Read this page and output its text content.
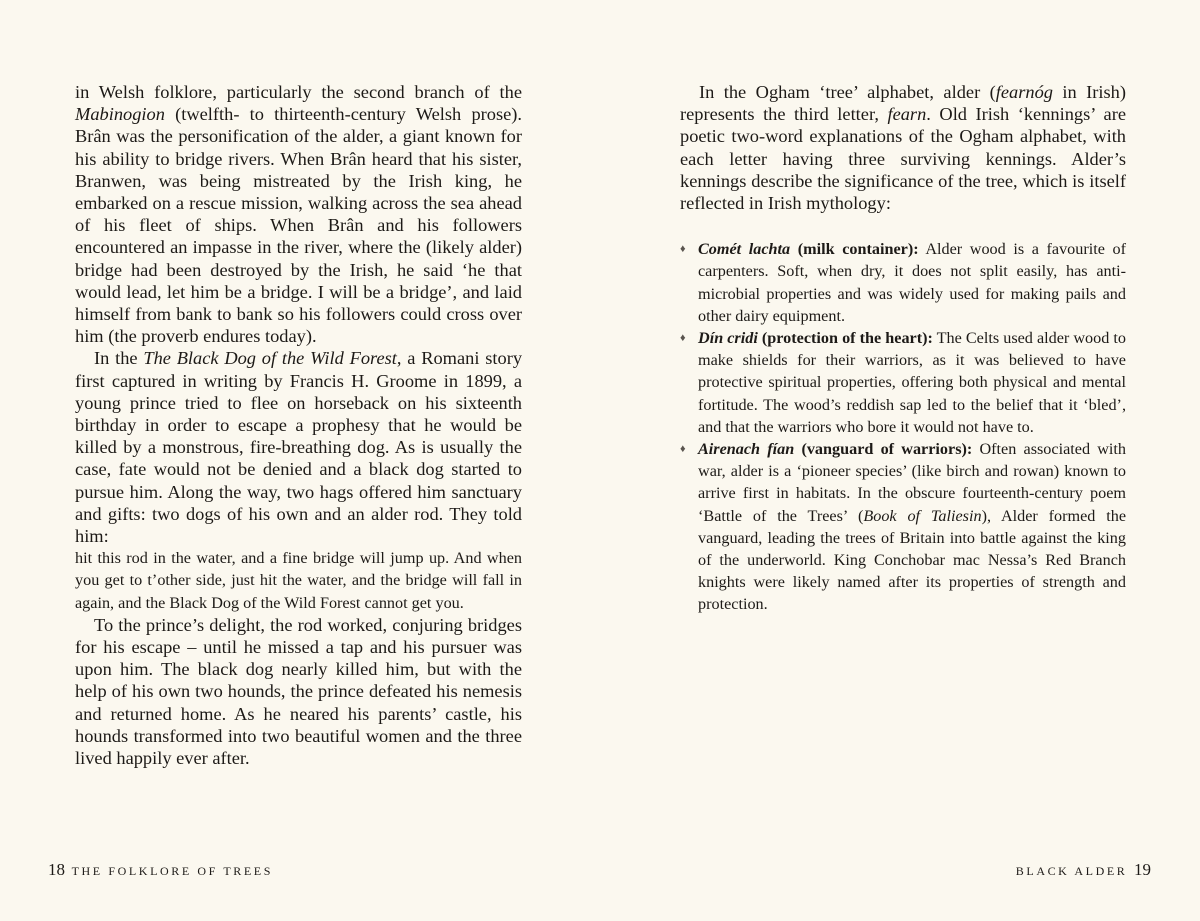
in Welsh folklore, particularly the second branch of the Mabinogion (twelfth- to thirteenth-century Welsh prose). Brân was the personification of the alder, a giant known for his ability to bridge rivers. When Brân heard that his sister, Branwen, was being mistreated by the Irish king, he embarked on a rescue mission, walking across the sea ahead of his fleet of ships. When Brân and his followers encountered an impasse in the river, where the (likely alder) bridge had been destroyed by the Irish, he said ‘he that would lead, let him be a bridge. I will be a bridge’, and laid himself from bank to bank so his followers could cross over him (the proverb endures today).

In the The Black Dog of the Wild Forest, a Romani story first captured in writing by Francis H. Groome in 1899, a young prince tried to flee on horseback on his sixteenth birthday in order to escape a prophesy that he would be killed by a monstrous, fire-breathing dog. As is usually the case, fate would not be denied and a black dog started to pursue him. Along the way, two hags offered him sanctuary and gifts: two dogs of his own and an alder rod. They told him:

hit this rod in the water, and a fine bridge will jump up. And when you get to t’other side, just hit the water, and the bridge will fall in again, and the Black Dog of the Wild Forest cannot get you.

To the prince’s delight, the rod worked, conjuring bridges for his escape – until he missed a tap and his pursuer was upon him. The black dog nearly killed him, but with the help of his own two hounds, the prince defeated his nemesis and returned home. As he neared his parents’ castle, his hounds transformed into two beautiful women and the three lived happily ever after.

18 THE FOLKLORE OF TREES

In the Ogham ‘tree’ alphabet, alder (fearnóg in Irish) represents the third letter, fearn. Old Irish ‘kennings’ are poetic two-word explanations of the Ogham alphabet, with each letter having three surviving kennings. Alder’s kennings describe the significance of the tree, which is itself reflected in Irish mythology:

♦ Comét lachta (milk container): Alder wood is a favourite of carpenters. Soft, when dry, it does not split easily, has anti-microbial properties and was widely used for making pails and other dairy equipment.
♦ Dín cridi (protection of the heart): The Celts used alder wood to make shields for their warriors, as it was believed to have protective spiritual properties, offering both physical and mental fortitude. The wood’s reddish sap led to the belief that it ‘bled’, and that the warriors who bore it would not have to.
♦ Airenach fían (vanguard of warriors): Often associated with war, alder is a ‘pioneer species’ (like birch and rowan) known to arrive first in habitats. In the obscure fourteenth-century poem ‘Battle of the Trees’ (Book of Taliesin), Alder formed the vanguard, leading the trees of Britain into battle against the king of the underworld. King Conchobar mac Nessa’s Red Branch knights were likely named after its properties of strength and protection.
BLACK ALDER 19
